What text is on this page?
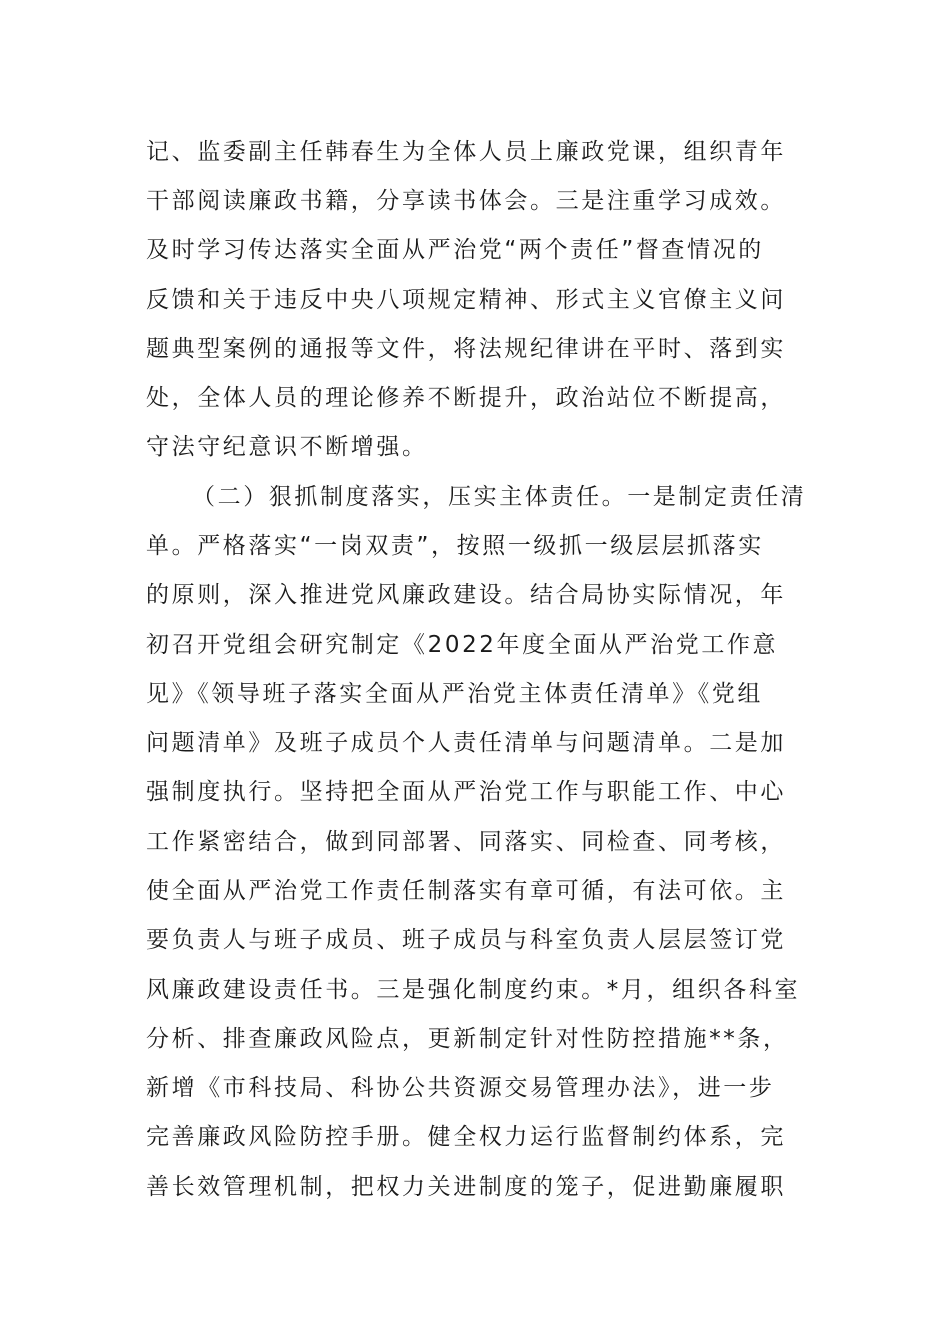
记、监委副主任韩春生为全体人员上廉政党课，组织青年
干部阅读廉政书籍，分享读书体会。三是注重学习成效。
及时学习传达落实全面从严治党“两个责任”督查情况的
反馈和关于违反中央八项规定精神、形式主义官僚主义问
题典型案例的通报等文件，将法规纪律讲在平时、落到实
处，全体人员的理论修养不断提升，政治站位不断提高，
守法守纪意识不断增强。
（二）狠抓制度落实，压实主体责任。一是制定责任清
单。严格落实“一岗双责”，按照一级抓一级层层抓落实
的原则，深入推进党风廉政建设。结合局协实际情况，年
初召开党组会研究制定《2022年度全面从严治党工作意
见》《领导班子落实全面从严治党主体责任清单》《党组
问题清单》及班子成员个人责任清单与问题清单。二是加
强制度执行。坚持把全面从严治党工作与职能工作、中心
工作紧密结合，做到同部署、同落实、同检查、同考核，
使全面从严治党工作责任制落实有章可循，有法可依。主
要负责人与班子成员、班子成员与科室负责人层层签订党
风廉政建设责任书。三是强化制度约束。*月，组织各科室
分析、排查廉政风险点，更新制定针对性防控措施**条，
新增《市科技局、科协公共资源交易管理办法》，进一步
完善廉政风险防控手册。健全权力运行监督制约体系，完
善长效管理机制，把权力关进制度的笼子，促进勤廉履职
